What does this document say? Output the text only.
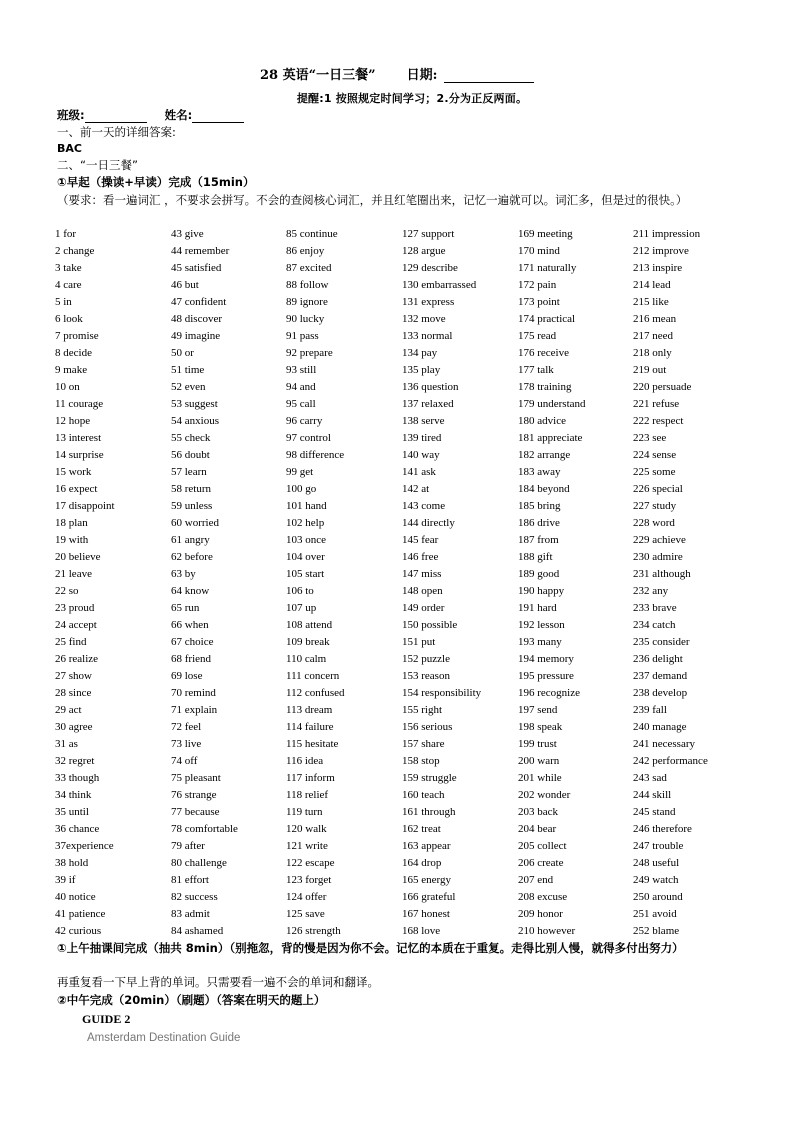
28 英语“一日三餐” 日期:
提醒:1 按照规定时间学习；2.分为正反两面。
班级:	姓名:
一、前一天的详细答案:
BAC
二、“一日三餐”
①早起（操读+早读）完成（15min）
（要求：看一遍词汇 ，不要求会拼写。不会的查阅核心词汇，并且红笔圈出来，记忆一遍就可以。词汇多，但是过的很快。）
1 for
2 change
3 take
4 care
5 in
6 look
7 promise
8 decide
9 make
10 on
11 courage
12 hope
13 interest
14 surprise
15 work
16 expect
17 disappoint
18 plan
19 with
20 believe
21 leave
22 so
23 proud
24 accept
25 find
26 realize
27 show
28 since
29 act
30 agree
31 as
32 regret
33 though
34 think
35 until
36 chance
37experience
38 hold
39 if
40 notice
41 patience
42 curious
43 give
44 remember
45 satisfied
46 but
47 confident
48 discover
49 imagine
50 or
51 time
52 even
53 suggest
54 anxious
55 check
56 doubt
57 learn
58 return
59 unless
60 worried
61 angry
62 before
63 by
64 know
65 run
66 when
67 choice
68 friend
69 lose
70 remind
71 explain
72 feel
73 live
74 off
75 pleasant
76 strange
77 because
78 comfortable
79 after
80 challenge
81 effort
82 success
83 admit
84 ashamed
85 continue
86 enjoy
87 excited
88 follow
89 ignore
90 lucky
91 pass
92 prepare
93 still
94 and
95 call
96 carry
97 control
98 difference
99 get
100 go
101 hand
102 help
103 once
104 over
105 start
106 to
107 up
108 attend
109 break
110 calm
111 concern
112 confused
113 dream
114 failure
115 hesitate
116 idea
117 inform
118 relief
119 turn
120 walk
121 write
122 escape
123 forget
124 offer
125 save
126 strength
127 support
128 argue
129 describe
130 embarrassed
131 express
132 move
133 normal
134 pay
135 play
136 question
137 relaxed
138 serve
139 tired
140 way
141 ask
142 at
143 come
144 directly
145 fear
146 free
147 miss
148 open
149 order
150 possible
151 put
152 puzzle
153 reason
154 responsibility
155 right
156 serious
157 share
158 stop
159 struggle
160 teach
161 through
162 treat
163 appear
164 drop
165 energy
166 grateful
167 honest
168 love
169 meeting
170 mind
171 naturally
172 pain
173 point
174 practical
175 read
176 receive
177 talk
178 training
179 understand
180 advice
181 appreciate
182 arrange
183 away
184 beyond
185 bring
186 drive
187 from
188 gift
189 good
190 happy
191 hard
192 lesson
193 many
194 memory
195 pressure
196 recognize
197 send
198 speak
199 trust
200 warn
201 while
202 wonder
203 back
204 bear
205 collect
206 create
207 end
208 excuse
209 honor
210 however
211 impression
212 improve
213 inspire
214 lead
215 like
216 mean
217 need
218 only
219 out
220 persuade
221 refuse
222 respect
223 see
224 sense
225 some
226 special
227 study
228 word
229 achieve
230 admire
231 although
232 any
233 brave
234 catch
235 consider
236 delight
237 demand
238 develop
239 fall
240 manage
241 necessary
242 performance
243 sad
244 skill
245 stand
246 therefore
247 trouble
248 useful
249 watch
250 around
251 avoid
252 blame
①上午抽课间完成（抽共 8min）（别拖忽，背的慢是因为你不会。记忆的本质在于重复。走得比别人慢，就得多付出努力）
再重复看一下早上背的单词。只需要看一遍不会的单词和翻译。
②中午完成（20min）（刷题）（答案在明天的题上）
GUIDE 2
Amsterdam Destination Guide
